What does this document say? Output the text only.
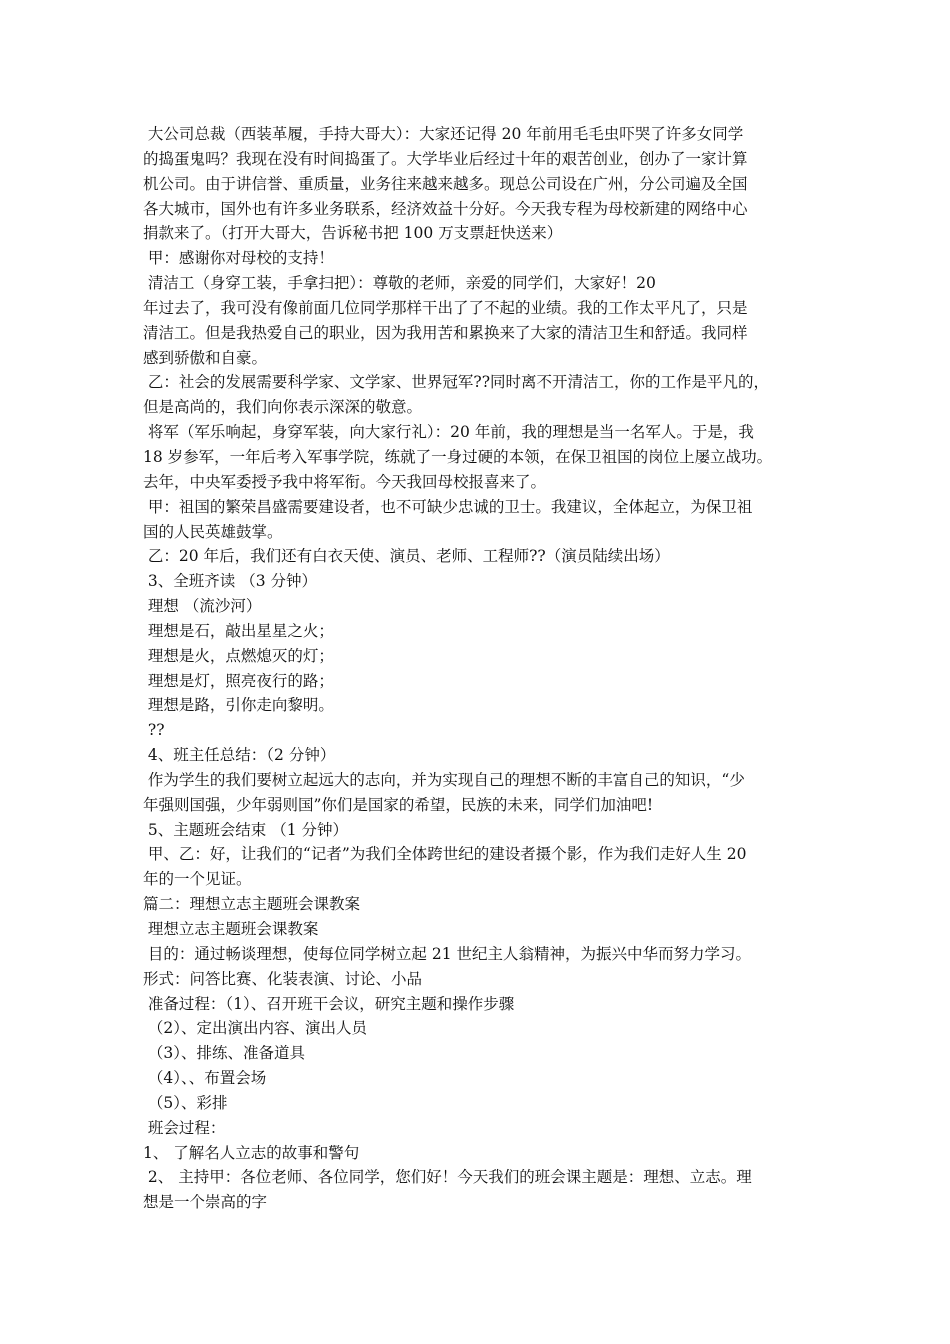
大公司总裁（西装革履，手持大哥大）：大家还记得 20 年前用毛毛虫吓哭了许多女同学
的捣蛋鬼吗？我现在没有时间捣蛋了。大学毕业后经过十年的艰苦创业，创办了一家计算
机公司。由于讲信誉、重质量，业务往来越来越多。现总公司设在广州，分公司遍及全国
各大城市，国外也有许多业务联系，经济效益十分好。今天我专程为母校新建的网络中心
捐款来了。（打开大哥大，告诉秘书把 100 万支票赶快送来）
甲：感谢你对母校的支持！
清洁工（身穿工装，手拿扫把）：尊敬的老师，亲爱的同学们，大家好！20
年过去了，我可没有像前面几位同学那样干出了了不起的业绩。我的工作太平凡了，只是
清洁工。但是我热爱自己的职业，因为我用苦和累换来了大家的清洁卫生和舒适。我同样
感到骄傲和自豪。
乙：社会的发展需要科学家、文学家、世界冠军??同时离不开清洁工，你的工作是平凡的，
但是高尚的，我们向你表示深深的敬意。
将军（军乐响起，身穿军装，向大家行礼）：20 年前，我的理想是当一名军人。于是，我
18 岁参军，一年后考入军事学院，练就了一身过硬的本领，在保卫祖国的岗位上屡立战功。
去年，中央军委授予我中将军衔。今天我回母校报喜来了。
甲：祖国的繁荣昌盛需要建设者，也不可缺少忠诚的卫士。我建议，全体起立，为保卫祖
国的人民英雄鼓掌。
乙：20 年后，我们还有白衣天使、演员、老师、工程师??（演员陆续出场）
3、全班齐读 （3 分钟）
理想 （流沙河）
理想是石，敲出星星之火；
理想是火，点燃熄灭的灯；
理想是灯，照亮夜行的路；
理想是路，引你走向黎明。
??
4、班主任总结：（2 分钟）
作为学生的我们要树立起远大的志向，并为实现自己的理想不断的丰富自己的知识，“少
年强则国强，少年弱则国”你们是国家的希望，民族的未来，同学们加油吧!
5、主题班会结束 （1 分钟）
甲、乙：好，让我们的“记者”为我们全体跨世纪的建设者摄个影，作为我们走好人生 20
年的一个见证。
篇二：理想立志主题班会课教案
理想立志主题班会课教案
目的：通过畅谈理想，使每位同学树立起 21 世纪主人翁精神，为振兴中华而努力学习。
形式：问答比赛、化装表演、讨论、小品
准备过程：（1）、召开班干会议，研究主题和操作步骤
（2）、定出演出内容、演出人员
（3）、排练、准备道具
（4）、、布置会场
（5）、彩排
班会过程：
1、 了解名人立志的故事和警句
2、 主持甲：各位老师、各位同学，您们好！今天我们的班会课主题是：理想、立志。理
想是一个崇高的字
